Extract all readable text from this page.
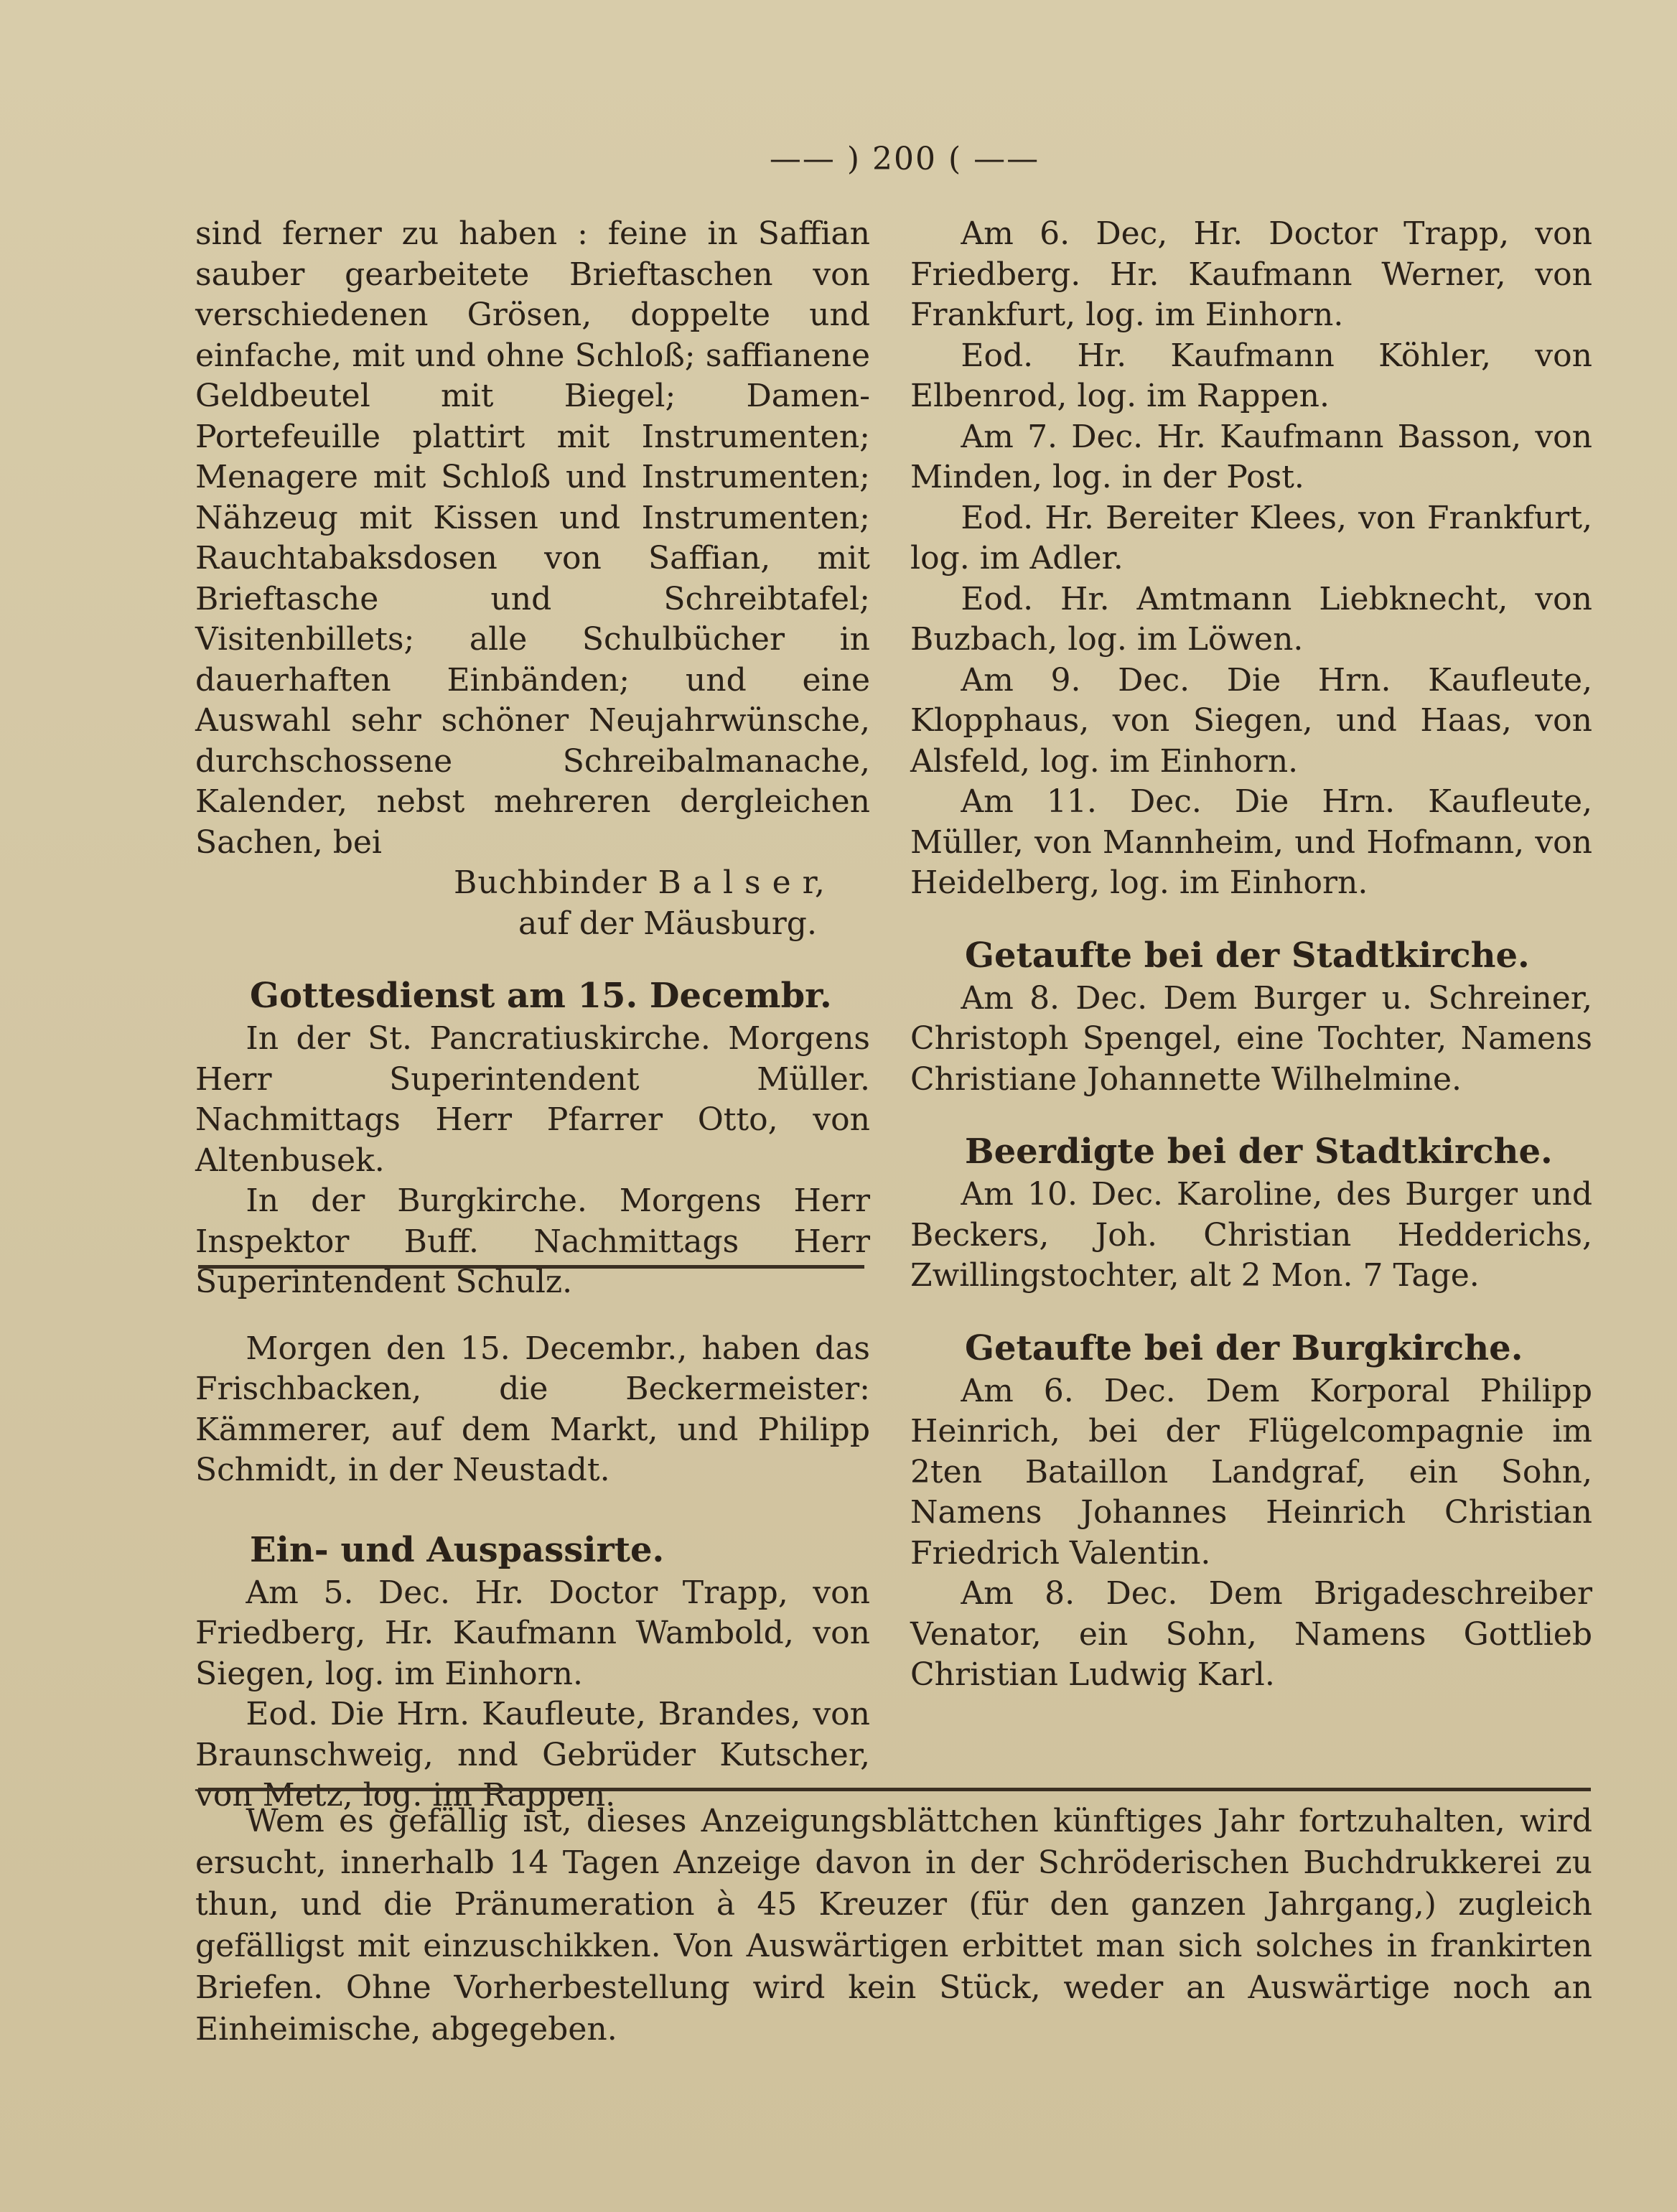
—— ) 200 ( ——

sind ferner zu haben : feine in Saffian sauber gearbeitete Brieftaschen von verschiedenen Grösen, doppelte und einfache, mit und ohne Schloß; saffianene Geldbeutel mit Biegel; Damen-Portefeuille plattirt mit Instrumenten; Menagere mit Schloß und Instrumenten; Nähzeug mit Kissen und Instrumenten; Rauchtabaksdosen von Saffian, mit Brieftasche und Schreibtafel; Visitenbillets; alle Schulbücher in dauerhaften Einbänden; und eine Auswahl sehr schöner Neujahrwünsche, durchschossene Schreibalmanache, Kalender, nebst mehreren dergleichen Sachen, bei

Buchbinder B a l s e r,

auf der Mäusburg.

Gottesdienst am 15. Decembr.

In der St. Pancratiuskirche. Morgens Herr Superintendent Müller. Nachmittags Herr Pfarrer Otto, von Altenbusek.

In der Burgkirche. Morgens Herr Inspektor Buff. Nachmittags Herr Superintendent Schulz.

Morgen den 15. Decembr., haben das Frischbacken, die Beckermeister: Kämmerer, auf dem Markt, und Philipp Schmidt, in der Neustadt.

Ein- und Auspassirte.

Am 5. Dec. Hr. Doctor Trapp, von Friedberg, Hr. Kaufmann Wambold, von Siegen, log. im Einhorn.

Eod. Die Hrn. Kaufleute, Brandes, von Braunschweig, nnd Gebrüder Kutscher, von Metz, log. im Rappen.

Am 6. Dec, Hr. Doctor Trapp, von Friedberg. Hr. Kaufmann Werner, von Frankfurt, log. im Einhorn.

Eod. Hr. Kaufmann Köhler, von Elbenrod, log. im Rappen.

Am 7. Dec. Hr. Kaufmann Basson, von Minden, log. in der Post.

Eod. Hr. Bereiter Klees, von Frankfurt, log. im Adler.

Eod. Hr. Amtmann Liebknecht, von Buzbach, log. im Löwen.

Am 9. Dec. Die Hrn. Kaufleute, Klopphaus, von Siegen, und Haas, von Alsfeld, log. im Einhorn.

Am 11. Dec. Die Hrn. Kaufleute, Müller, von Mannheim, und Hofmann, von Heidelberg, log. im Einhorn.

Getaufte bei der Stadtkirche.

Am 8. Dec. Dem Burger u. Schreiner, Christoph Spengel, eine Tochter, Namens Christiane Johannette Wilhelmine.

Beerdigte bei der Stadtkirche.

Am 10. Dec. Karoline, des Burger und Beckers, Joh. Christian Hedderichs, Zwillingstochter, alt 2 Mon. 7 Tage.

Getaufte bei der Burgkirche.

Am 6. Dec. Dem Korporal Philipp Heinrich, bei der Flügelcompagnie im 2ten Bataillon Landgraf, ein Sohn, Namens Johannes Heinrich Christian Friedrich Valentin.

Am 8. Dec. Dem Brigadeschreiber Venator, ein Sohn, Namens Gottlieb Christian Ludwig Karl.

Wem es gefällig ist, dieses Anzeigungsblättchen künftiges Jahr fortzuhalten, wird ersucht, innerhalb 14 Tagen Anzeige davon in der Schröderischen Buchdrukkerei zu thun, und die Pränumeration à 45 Kreuzer (für den ganzen Jahrgang,) zugleich gefälligst mit einzuschikken. Von Auswärtigen erbittet man sich solches in frankirten Briefen. Ohne Vorherbestellung wird kein Stück, weder an Auswärtige noch an Einheimische, abgegeben.
